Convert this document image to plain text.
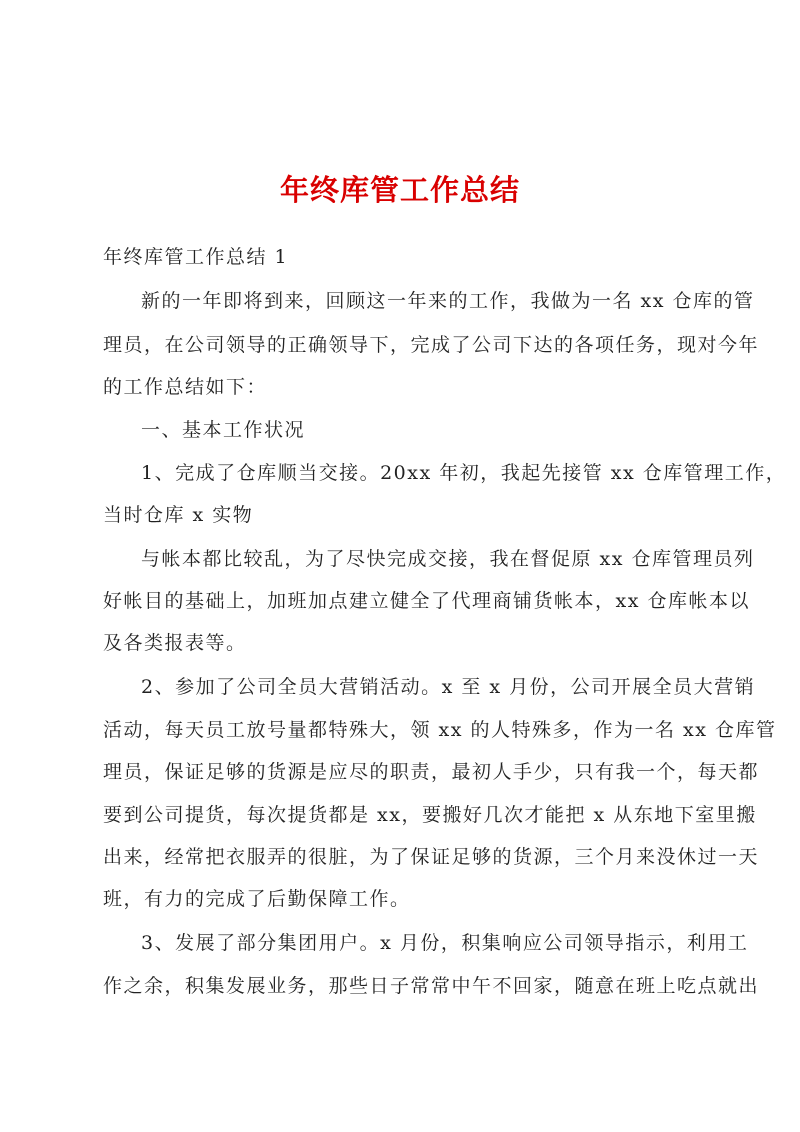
年终库管工作总结
年终库管工作总结 1
新的一年即将到来，回顾这一年来的工作，我做为一名 xx 仓库的管
理员，在公司领导的正确领导下，完成了公司下达的各项任务，现对今年
的工作总结如下：
一、基本工作状况
1、完成了仓库顺当交接。20xx 年初，我起先接管 xx 仓库管理工作，
当时仓库 x 实物
与帐本都比较乱，为了尽快完成交接，我在督促原 xx 仓库管理员列
好帐目的基础上，加班加点建立健全了代理商铺货帐本，xx 仓库帐本以
及各类报表等。
2、参加了公司全员大营销活动。x 至 x 月份，公司开展全员大营销
活动，每天员工放号量都特殊大，领 xx 的人特殊多，作为一名 xx 仓库管
理员，保证足够的货源是应尽的职责，最初人手少，只有我一个，每天都
要到公司提货，每次提货都是 xx，要搬好几次才能把 x 从东地下室里搬
出来，经常把衣服弄的很脏，为了保证足够的货源，三个月来没休过一天
班，有力的完成了后勤保障工作。
3、发展了部分集团用户。x 月份，积集响应公司领导指示，利用工
作之余，积集发展业务，那些日子常常中午不回家，随意在班上吃点就出
